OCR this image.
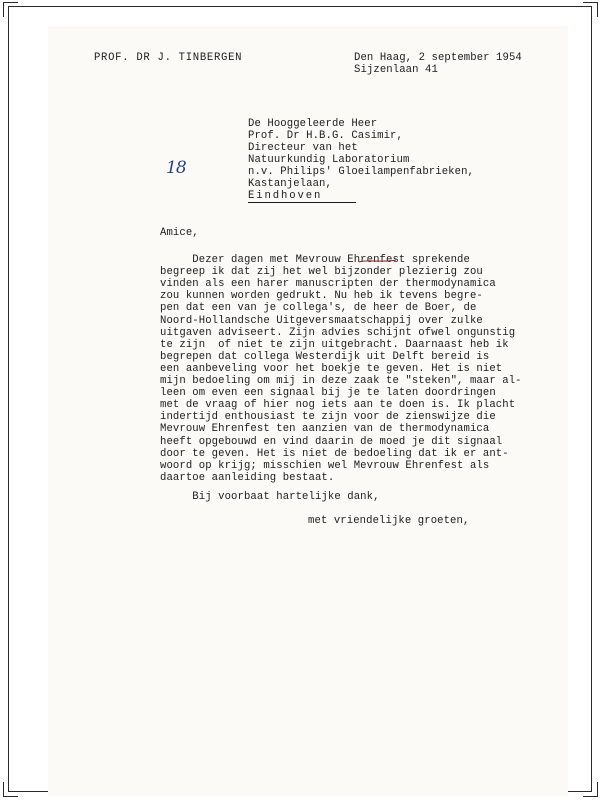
PROF. DR J. TINBERGEN	Den Haag, 2 september 1954
Sijzenlaan 41
De Hooggeleerde Heer
Prof. Dr H.B.G. Casimir,
Directeur van het
Natuurkundig Laboratorium
n.v. Philips' Gloeilampenfabrieken,
Kastanjelaan,
Eindhoven
18
Amice,
Dezer dagen met Mevrouw Ehrenfest sprekende
begreep ik dat zij het wel bijzonder plezierig zou
vinden als een harer manuscripten der thermodynamica
zou kunnen worden gedrukt. Nu heb ik tevens begre-
pen dat een van je collega's, de heer de Boer, de
Noord-Hollandsche Uitgeversmaatschappij over zulke
uitgaven adviseert. Zijn advies schijnt ofwel ongunstig
te zijn  of niet te zijn uitgebracht. Daarnaast heb ik
begrepen dat collega Westerdijk uit Delft bereid is
een aanbeveling voor het boekje te geven. Het is niet
mijn bedoeling om mij in deze zaak te "steken", maar al-
leen om even een signaal bij je te laten doordringen
met de vraag of hier nog iets aan te doen is. Ik placht
indertijd enthousiast te zijn voor de zienswijze die
Mevrouw Ehrenfest ten aanzien van de thermodynamica
heeft opgebouwd en vind daarin de moed je dit signaal
door te geven. Het is niet de bedoeling dat ik er ant-
woord op krijg; misschien wel Mevrouw Ehrenfest als
daartoe aanleiding bestaat.
Bij voorbaat hartelijke dank,
met vriendelijke groeten,
